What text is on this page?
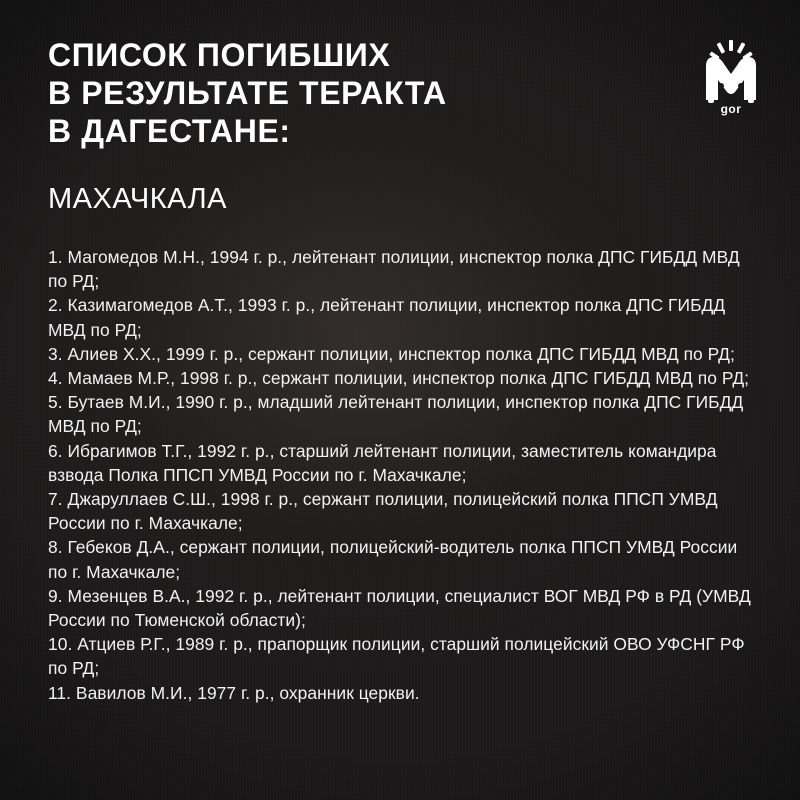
СПИСОК ПОГИБШИХ
В РЕЗУЛЬТАТЕ ТЕРАКТА
В ДАГЕСТАНЕ:
gor
МАХАЧКАЛА
1. Магомедов М.Н., 1994 г. р., лейтенант полиции, инспектор полка ДПС ГИБДД МВД по РД;
2. Казимагомедов А.Т., 1993 г. р., лейтенант полиции, инспектор полка ДПС ГИБДД МВД по РД;
3. Алиев Х.Х., 1999 г. р., сержант полиции, инспектор полка ДПС ГИБДД МВД по РД;
4. Мамаев М.Р., 1998 г. р., сержант полиции, инспектор полка ДПС ГИБДД МВД по РД;
5. Бутаев М.И., 1990 г. р., младший лейтенант полиции, инспектор полка ДПС ГИБДД МВД по РД;
6. Ибрагимов Т.Г., 1992 г. р., старший лейтенант полиции, заместитель командира взвода Полка ППСП УМВД России по г. Махачкале;
7. Джаруллаев С.Ш., 1998 г. р., сержант полиции, полицейский полка ППСП УМВД России по г. Махачкале;
8. Гебеков Д.А., сержант полиции, полицейский-водитель полка ППСП УМВД России по г. Махачкале;
9. Мезенцев В.А., 1992 г. р., лейтенант полиции, специалист ВОГ МВД РФ в РД (УМВД России по Тюменской области);
10. Атциев Р.Г., 1989 г. р., прапорщик полиции, старший полицейский ОВО УФСНГ РФ по РД;
11. Вавилов М.И., 1977 г. р., охранник церкви.
